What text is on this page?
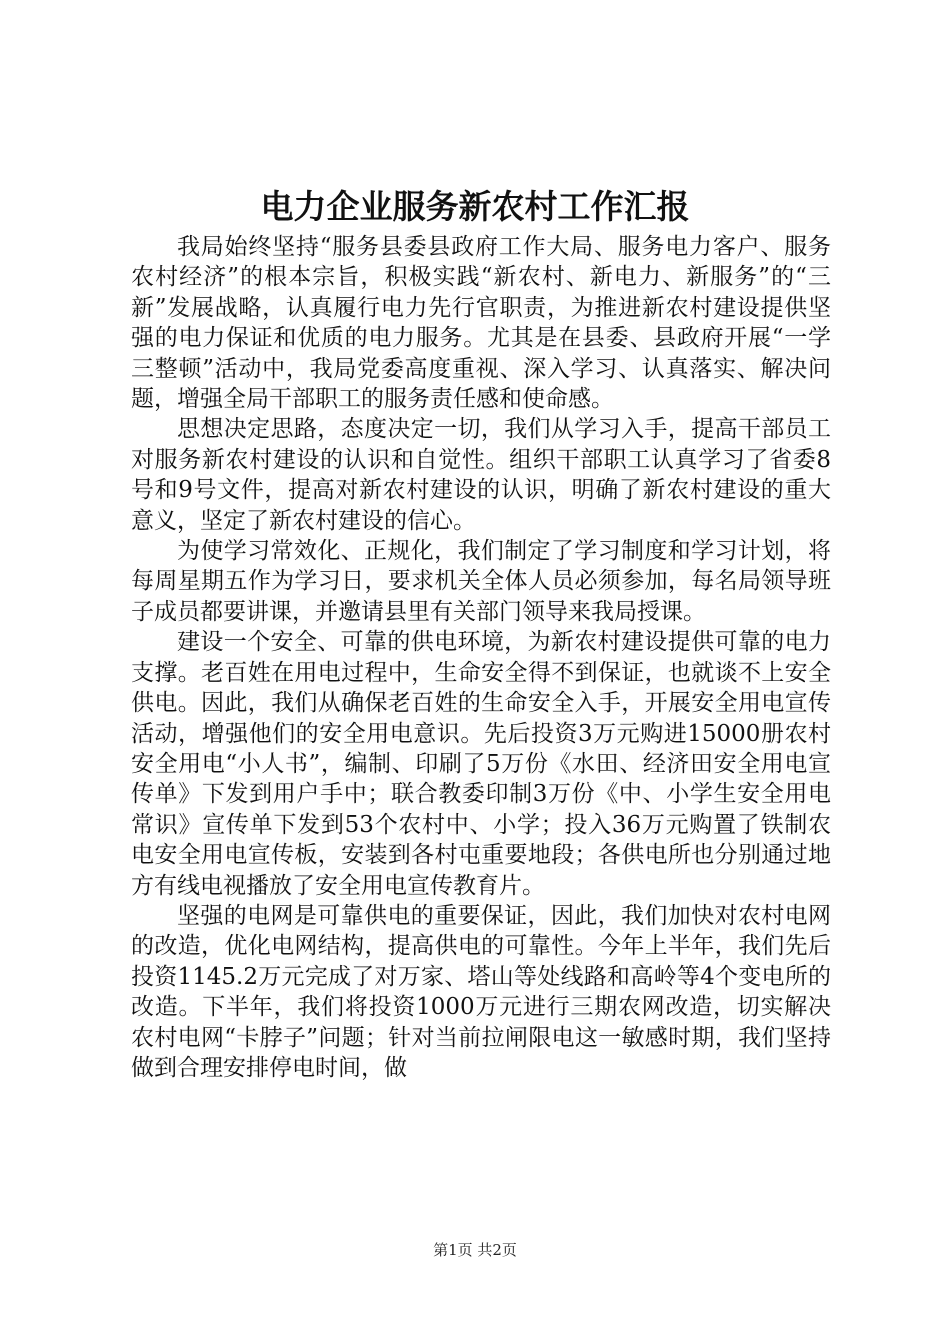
电力企业服务新农村工作汇报

我局始终坚持“服务县委县政府工作大局、服务电力客户、服务农村经济”的根本宗旨，积极实践“新农村、新电力、新服务”的“三新”发展战略，认真履行电力先行官职责，为推进新农村建设提供坚强的电力保证和优质的电力服务。尤其是在县委、县政府开展“一学三整顿”活动中，我局党委高度重视、深入学习、认真落实、解决问题，增强全局干部职工的服务责任感和使命感。

思想决定思路，态度决定一切，我们从学习入手，提高干部员工对服务新农村建设的认识和自觉性。组织干部职工认真学习了省委8号和9号文件，提高对新农村建设的认识，明确了新农村建设的重大意义，坚定了新农村建设的信心。

为使学习常效化、正规化，我们制定了学习制度和学习计划，将每周星期五作为学习日，要求机关全体人员必须参加，每名局领导班子成员都要讲课，并邀请县里有关部门领导来我局授课。

建设一个安全、可靠的供电环境，为新农村建设提供可靠的电力支撑。老百姓在用电过程中，生命安全得不到保证，也就谈不上安全供电。因此，我们从确保老百姓的生命安全入手，开展安全用电宣传活动，增强他们的安全用电意识。先后投资3万元购进15000册农村安全用电“小人书”，编制、印刷了5万份《水田、经济田安全用电宣传单》下发到用户手中；联合教委印制3万份《中、小学生安全用电常识》宣传单下发到53个农村中、小学；投入36万元购置了铁制农电安全用电宣传板，安装到各村屯重要地段；各供电所也分别通过地方有线电视播放了安全用电宣传教育片。

坚强的电网是可靠供电的重要保证，因此，我们加快对农村电网的改造，优化电网结构，提高供电的可靠性。今年上半年，我们先后投资1145.2万元完成了对万家、塔山等处线路和高岭等4个变电所的改造。下半年，我们将投资1000万元进行三期农网改造，切实解决农村电网“卡脖子”问题；针对当前拉闸限电这一敏感时期，我们坚持做到合理安排停电时间，做

第1页 共2页
